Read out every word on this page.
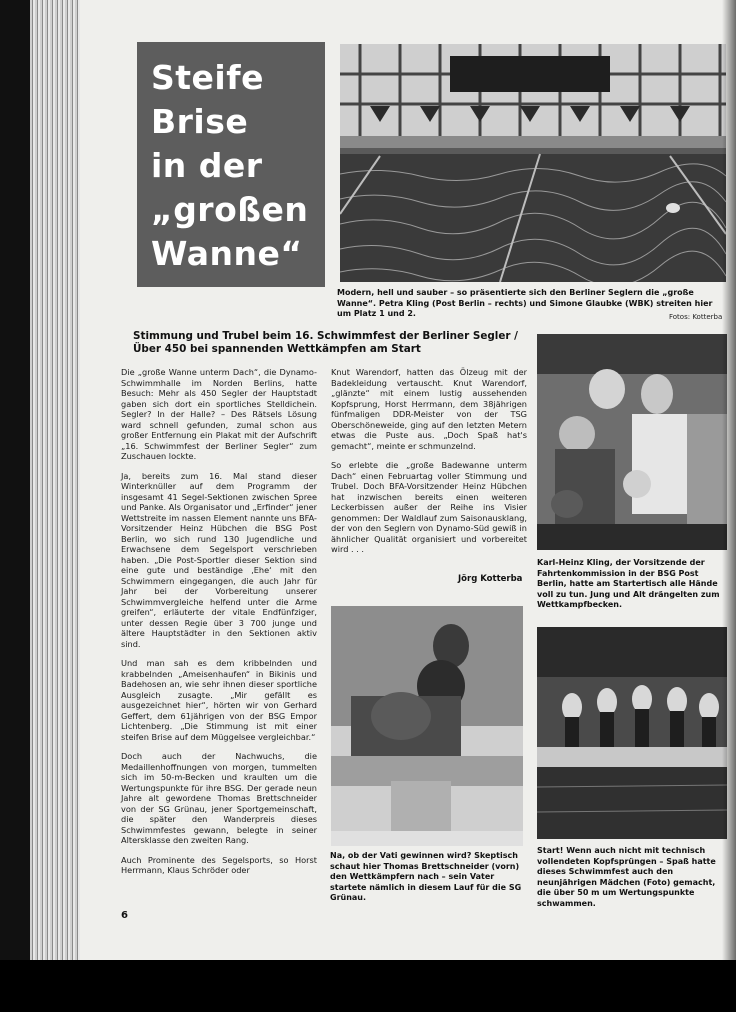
Steife
Brise
in der
„großen
Wanne“
Modern, hell und sauber – so präsentierte sich den Berliner Seglern die „große Wanne“. Petra Kling (Post Berlin – rechts) und Simone Glaubke (WBK) streiten hier um Platz 1 und 2.	Fotos: Kotterba
Stimmung und Trubel beim 16. Schwimmfest der Berliner Segler / Über 450 bei spannenden Wettkämpfen am Start

Die „große Wanne unterm Dach“, die Dynamo-Schwimmhalle im Norden Berlins, hatte Besuch: Mehr als 450 Segler der Hauptstadt gaben sich dort ein sportliches Stelldichein. Segler? In der Halle? – Des Rätsels Lösung ward schnell gefunden, zumal schon aus großer Entfernung ein Plakat mit der Aufschrift „16. Schwimmfest der Berliner Segler“ zum Zuschauen lockte.

Ja, bereits zum 16. Mal stand dieser Winterknüller auf dem Programm der insgesamt 41 Segel-Sektionen zwischen Spree und Panke. Als Organisator und „Erfinder“ jener Wettstreite im nassen Element nannte uns BFA-Vorsitzender Heinz Hübchen die BSG Post Berlin, wo sich rund 130 Jugendliche und Erwachsene dem Segelsport verschrieben haben. „Die Post-Sportler dieser Sektion sind eine gute und beständige ‚Ehe‘ mit den Schwimmern eingegangen, die auch Jahr für Jahr bei der Vorbereitung unserer Schwimmvergleiche helfend unter die Arme greifen“, erläuterte der vitale Endfünfziger, unter dessen Regie über 3 700 junge und ältere Hauptstädter in den Sektionen aktiv sind.

Und man sah es dem kribbelnden und krabbelnden „Ameisenhaufen“ in Bikinis und Badehosen an, wie sehr ihnen dieser sportliche Ausgleich zusagte. „Mir gefällt es ausgezeichnet hier“, hörten wir von Gerhard Geffert, dem 61jährigen von der BSG Empor Lichtenberg. „Die Stimmung ist mit einer steifen Brise auf dem Müggelsee vergleichbar.“

Doch auch der Nachwuchs, die Medaillenhoffnungen von morgen, tummelten sich im 50-m-Becken und kraulten um die Wertungspunkte für ihre BSG. Der gerade neun Jahre alt gewordene Thomas Brettschneider von der SG Grünau, jener Sportgemeinschaft, die später den Wanderpreis dieses Schwimmfestes gewann, belegte in seiner Altersklasse den zweiten Rang.

Auch Prominente des Segelsports, so Horst Herrmann, Klaus Schröder oder

Knut Warendorf, hatten das Ölzeug mit der Badekleidung vertauscht. Knut Warendorf, „glänzte“ mit einem lustig aussehenden Kopfsprung, Horst Herrmann, dem 38jährigen fünfmaligen DDR-Meister von der TSG Oberschöneweide, ging auf den letzten Metern etwas die Puste aus. „Doch Spaß hat's gemacht“, meinte er schmunzelnd.

So erlebte die „große Badewanne unterm Dach“ einen Februartag voller Stimmung und Trubel. Doch BFA-Vorsitzender Heinz Hübchen hat inzwischen bereits einen weiteren Leckerbissen außer der Reihe ins Visier genommen: Der Waldlauf zum Saisonausklang, der von den Seglern von Dynamo-Süd gewiß in ähnlicher Qualität organisiert und vorbereitet wird . . .

Jörg Kotterba
Karl-Heinz Kling, der Vorsitzende der Fahrtenkommission in der BSG Post Berlin, hatte am Startertisch alle Hände voll zu tun. Jung und Alt drängelten zum Wettkampfbecken.
Na, ob der Vati gewinnen wird? Skeptisch schaut hier Thomas Brettschneider (vorn) den Wettkämpfern nach – sein Vater startete nämlich in diesem Lauf für die SG Grünau.
Start! Wenn auch nicht mit technisch vollendeten Kopfsprüngen – Spaß hatte dieses Schwimmfest auch den neunjährigen Mädchen (Foto) gemacht, die über 50 m um Wertungspunkte schwammen.
6
